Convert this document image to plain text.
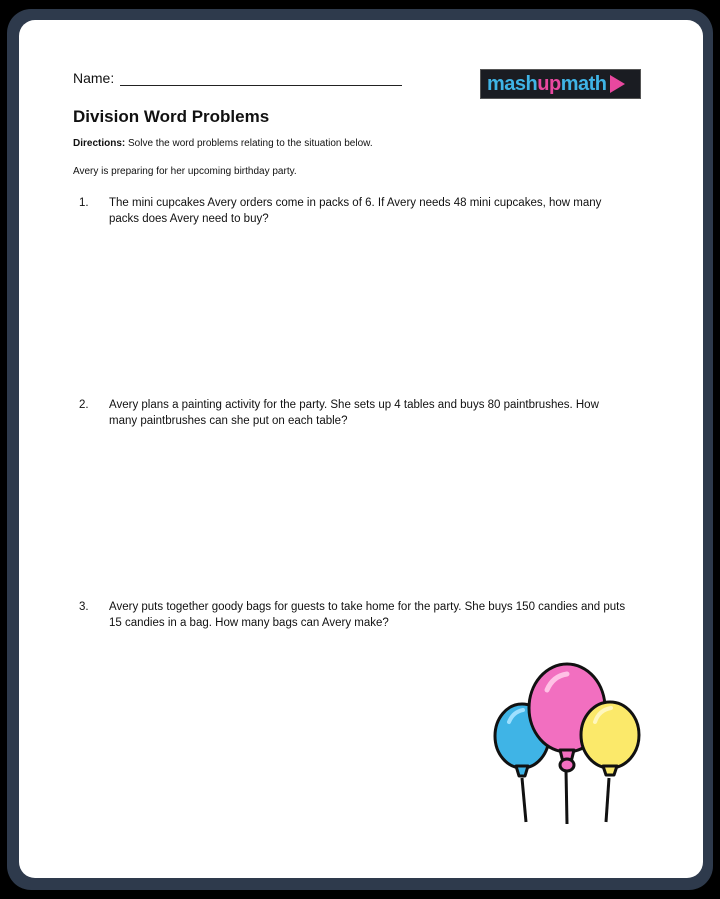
Name:	mashupmath
Division Word Problems
Directions: Solve the word problems relating to the situation below.
Avery is preparing for her upcoming birthday party.
1.	The mini cupcakes Avery orders come in packs of 6. If Avery needs 48 mini cupcakes, how many packs does Avery need to buy?
2.	Avery plans a painting activity for the party. She sets up 4 tables and buys 80 paintbrushes. How many paintbrushes can she put on each table?
3.	Avery puts together goody bags for guests to take home for the party. She buys 150 candies and puts 15 candies in a bag. How many bags can Avery make?
